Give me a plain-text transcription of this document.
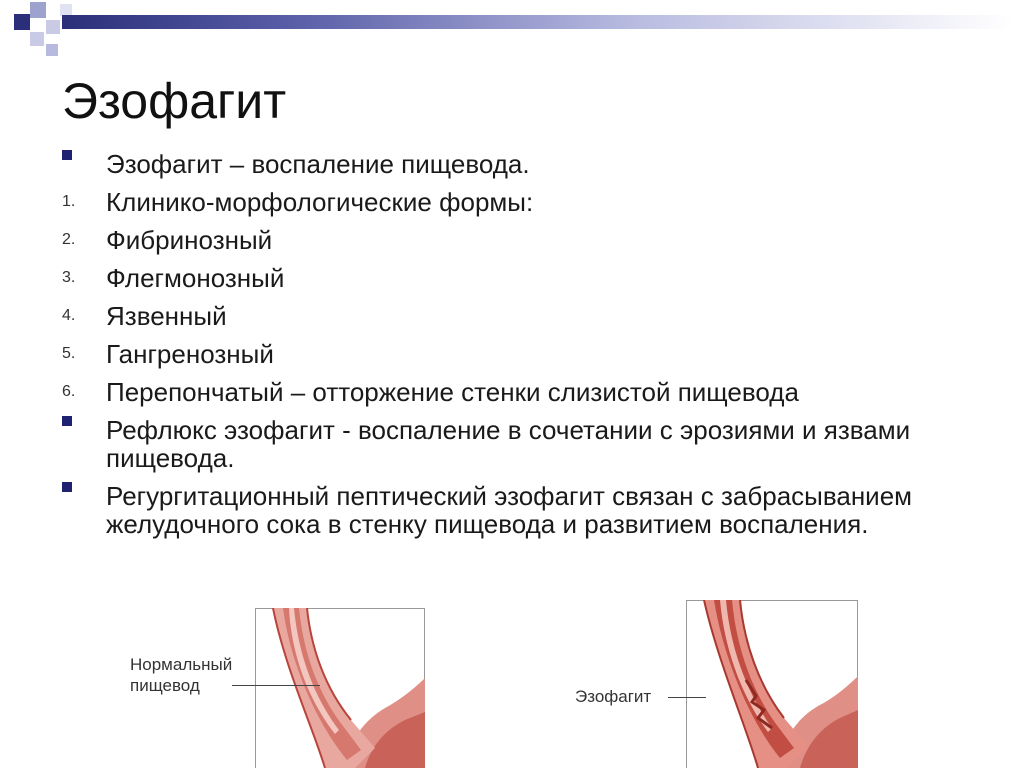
Эзофагит
Эзофагит – воспаление пищевода.
1. Клинико-морфологические формы:
2. Фибринозный
3. Флегмонозный
4. Язвенный
5. Гангренозный
6. Перепончатый – отторжение стенки слизистой пищевода
Рефлюкс эзофагит - воспаление в сочетании с эрозиями и язвами пищевода.
Регургитационный пептический эзофагит связан с забрасыванием желудочного сока в стенку пищевода и развитием воспаления.
Нормальный
пищевод
Эзофагит
